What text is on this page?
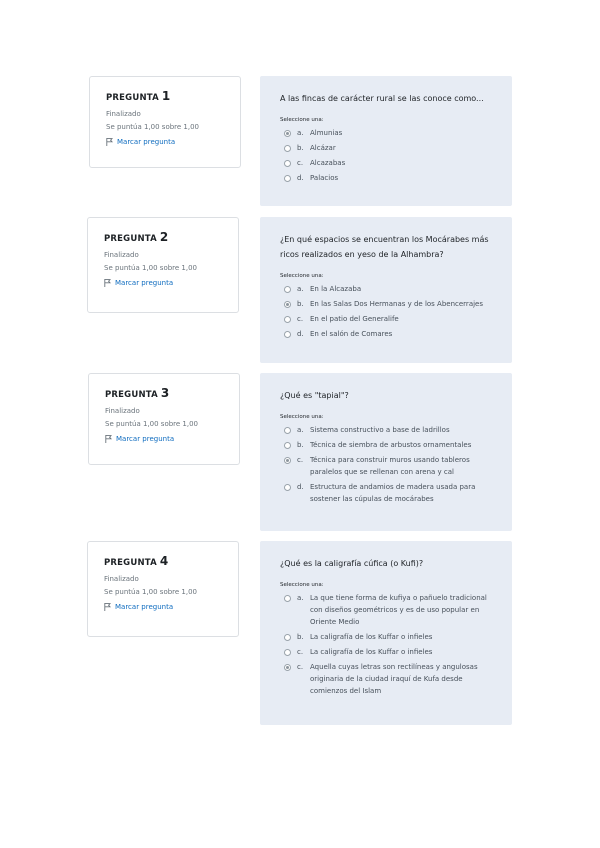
PREGUNTA 1
Finalizado
Se puntúa 1,00 sobre 1,00
Marcar pregunta
A las fincas de carácter rural se las conoce como...
Seleccione una:
a. Almunias
b. Alcázar
c. Alcazabas
d. Palacios
PREGUNTA 2
Finalizado
Se puntúa 1,00 sobre 1,00
Marcar pregunta
¿En qué espacios se encuentran los Mocárabes más ricos realizados en yeso de la Alhambra?
Seleccione una:
a. En la Alcazaba
b. En las Salas Dos Hermanas y de los Abencerrajes
c. En el patio del Generalife
d. En el salón de Comares
PREGUNTA 3
Finalizado
Se puntúa 1,00 sobre 1,00
Marcar pregunta
¿Qué es "tapial"?
Seleccione una:
a. Sistema constructivo a base de ladrillos
b. Técnica de siembra de arbustos ornamentales
c. Técnica para construir muros usando tableros paralelos que se rellenan con arena y cal
d. Estructura de andamios de madera usada para sostener las cúpulas de mocárabes
PREGUNTA 4
Finalizado
Se puntúa 1,00 sobre 1,00
Marcar pregunta
¿Qué es la caligrafía cúfica (o Kufi)?
Seleccione una:
a. La que tiene forma de kufiya o pañuelo tradicional con diseños geométricos y es de uso popular en Oriente Medio
b. La caligrafía de los Kuffar o infieles
c. La caligrafía de los Kuffar o infieles
c. Aquella cuyas letras son rectilíneas y angulosas originaria de la ciudad iraquí de Kufa desde comienzos del Islam
